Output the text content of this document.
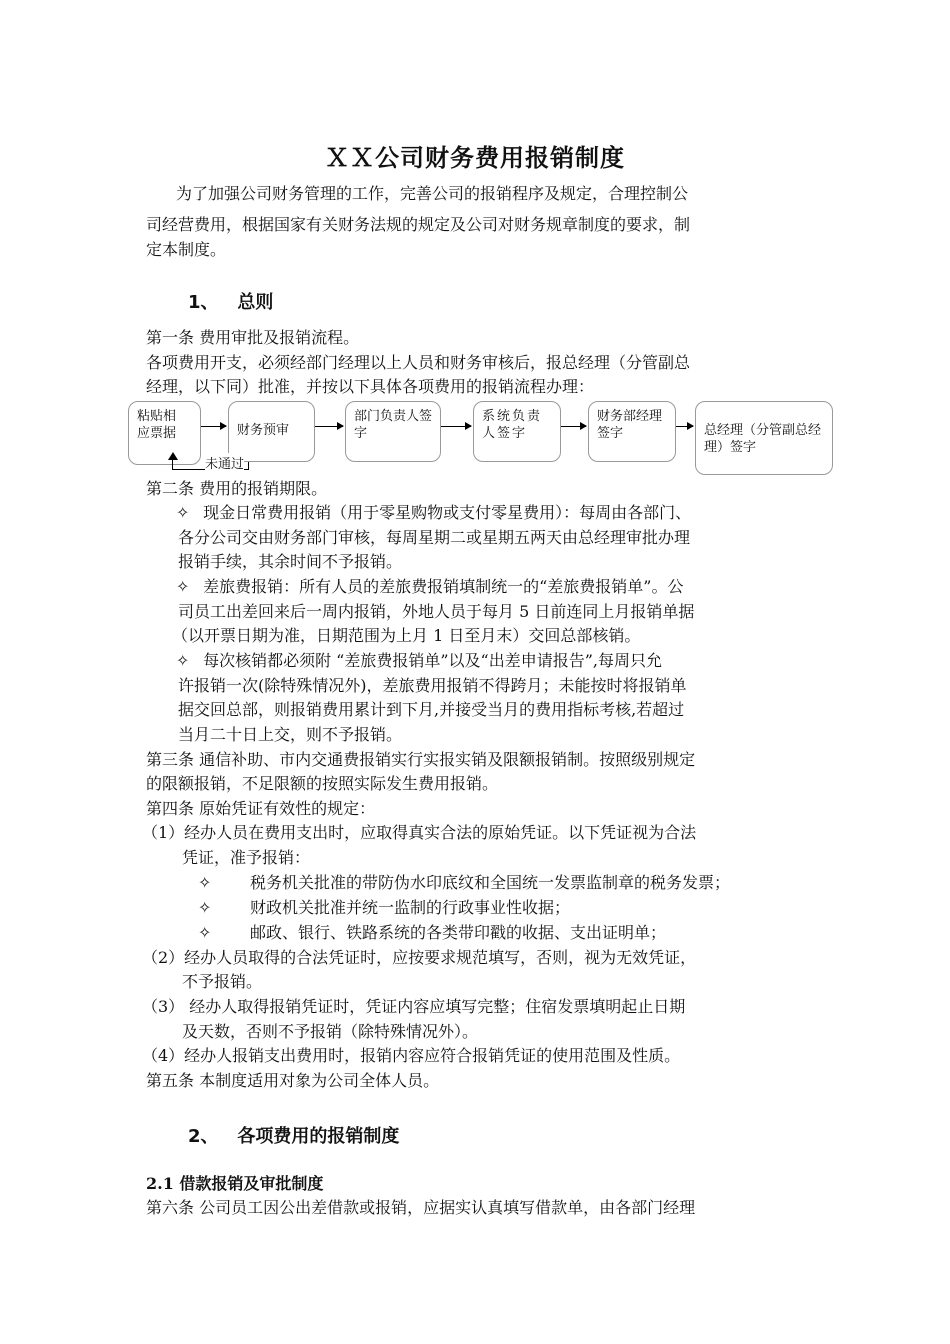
ＸＸ公司财务费用报销制度
为了加强公司财务管理的工作，完善公司的报销程序及规定，合理控制公
司经营费用，根据国家有关财务法规的规定及公司对财务规章制度的要求，制
定本制度。
1、 总则
第一条 费用审批及报销流程。
各项费用开支，必须经部门经理以上人员和财务审核后，报总经理（分管副总
经理，以下同）批准，并按以下具体各项费用的报销流程办理：
粘贴相应票据	财务预审
部门负责人签字
系统负责人签字
财务部经理签字	总经理（分管副总经理）签字
未通过
第二条 费用的报销期限。
✧ 现金日常费用报销（用于零星购物或支付零星费用）：每周由各部门、
各分公司交由财务部门审核，每周星期二或星期五两天由总经理审批办理
报销手续，其余时间不予报销。
✧ 差旅费报销：所有人员的差旅费报销填制统一的“差旅费报销单”。公
司员工出差回来后一周内报销，外地人员于每月 5 日前连同上月报销单据
（以开票日期为准，日期范围为上月 1 日至月末）交回总部核销。
✧ 每次核销都必须附 “差旅费报销单”以及“出差申请报告”,每周只允
许报销一次(除特殊情况外)，差旅费用报销不得跨月；未能按时将报销单
据交回总部，则报销费用累计到下月,并接受当月的费用指标考核,若超过
当月二十日上交，则不予报销。
第三条 通信补助、市内交通费报销实行实报实销及限额报销制。按照级别规定
的限额报销，不足限额的按照实际发生费用报销。
第四条 原始凭证有效性的规定：
（1）经办人员在费用支出时，应取得真实合法的原始凭证。以下凭证视为合法
凭证，准予报销：
✧ 税务机关批准的带防伪水印底纹和全国统一发票监制章的税务发票；
✧ 财政机关批准并统一监制的行政事业性收据；
✧ 邮政、银行、铁路系统的各类带印戳的收据、支出证明单；
（2）经办人员取得的合法凭证时，应按要求规范填写，否则，视为无效凭证，
不予报销。
（3） 经办人取得报销凭证时，凭证内容应填写完整；住宿发票填明起止日期
及天数，否则不予报销（除特殊情况外）。
（4）经办人报销支出费用时，报销内容应符合报销凭证的使用范围及性质。
第五条 本制度适用对象为公司全体人员。
2、 各项费用的报销制度
2.1 借款报销及审批制度
第六条 公司员工因公出差借款或报销，应据实认真填写借款单，由各部门经理
